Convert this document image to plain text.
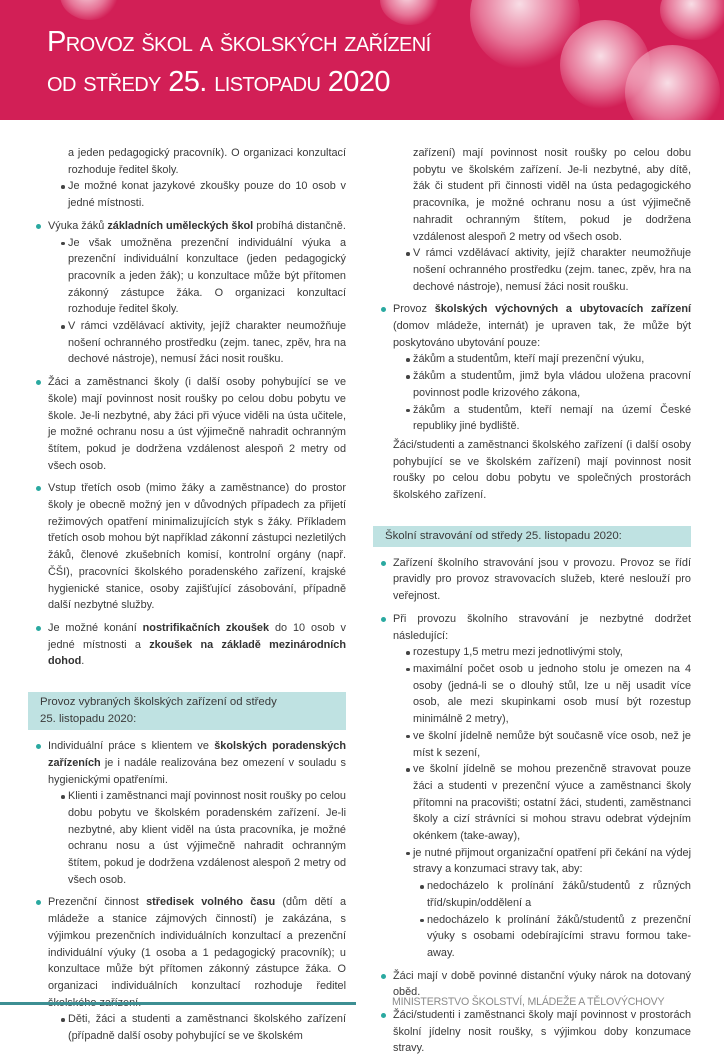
Provoz škol a školských zařízení
od středy 25. listopadu 2020
a jeden pedagogický pracovník). O organizaci konzultací rozhoduje ředitel školy.
Je možné konat jazykové zkoušky pouze do 10 osob v jedné místnosti.
Výuka žáků základních uměleckých škol probíhá distančně.
Je však umožněna prezenční individuální výuka a prezenční individuální konzultace (jeden pedagogický pracovník a jeden žák); u konzultace může být přítomen zákonný zástupce žáka. O organizaci konzultací rozhoduje ředitel školy.
V rámci vzdělávací aktivity, jejíž charakter neumožňuje nošení ochranného prostředku (zejm. tanec, zpěv, hra na dechové nástroje), nemusí žáci nosit roušku.
Žáci a zaměstnanci školy (i další osoby pohybující se ve škole) mají povinnost nosit roušky po celou dobu pobytu ve škole. Je-li nezbytné, aby žáci při výuce viděli na ústa učitele, je možné ochranu nosu a úst výjimečně nahradit ochranným štítem, pokud je dodržena vzdálenost alespoň 2 metry od všech osob.
Vstup třetích osob (mimo žáky a zaměstnance) do prostor školy je obecně možný jen v důvodných případech za přijetí režimových opatření minimalizujících styk s žáky. Příkladem třetích osob mohou být například zákonní zástupci nezletilých žáků, členové zkušebních komisí, kontrolní orgány (např. ČŠI), pracovníci školského poradenského zařízení, krajské hygienické stanice, osoby zajišťující zásobování, případně další nezbytné služby.
Je možné konání nostrifikačních zkoušek do 10 osob v jedné místnosti a zkoušek na základě mezinárodních dohod.
Provoz vybraných školských zařízení od středy
25. listopadu 2020:
Individuální práce s klientem ve školských poradenských zařízeních je i nadále realizována bez omezení v souladu s hygienickými opatřeními.
Klienti i zaměstnanci mají povinnost nosit roušky po celou dobu pobytu ve školském poradenském zařízení. Je-li nezbytné, aby klient viděl na ústa pracovníka, je možné ochranu nosu a úst výjimečně nahradit ochranným štítem, pokud je dodržena vzdálenost alespoň 2 metry od všech osob.
Prezenční činnost středisek volného času (dům dětí a mládeže a stanice zájmových činností) je zakázána, s výjimkou prezenčních individuálních konzultací a prezenční individuální výuky (1 osoba a 1 pedagogický pracovník); u konzultace může být přítomen zákonný zástupce žáka. O organizaci individuálních konzultací rozhoduje ředitel
Děti, žáci a studenti a zaměstnanci školského zařízení (případně další osoby pohybující se ve školském
zařízení) mají povinnost nosit roušky po celou dobu pobytu ve školském zařízení. Je-li nezbytné, aby dítě, žák či student při činnosti viděl na ústa pedagogického pracovníka, je možné ochranu nosu a úst výjimečně nahradit ochranným štítem, pokud je dodržena vzdálenost alespoň 2 metry od všech osob.
V rámci vzdělávací aktivity, jejíž charakter neumožňuje nošení ochranného prostředku (zejm. tanec, zpěv, hra na dechové nástroje), nemusí žáci nosit roušku.
Provoz školských výchovných a ubytovacích zařízení (domov mládeže, internát) je upraven tak, že může být poskytováno ubytování pouze:
žákům a studentům, kteří mají prezenční výuku,
žákům a studentům, jimž byla vládou uložena pracovní povinnost podle krizového zákona,
žákům a studentům, kteří nemají na území České republiky jiné bydliště.
Žáci/studenti a zaměstnanci školského zařízení (i další osoby pohybující se ve školském zařízení) mají povinnost nosit roušky po celou dobu pobytu ve společných prostorách školského zařízení.
Školní stravování od středy 25. listopadu 2020:
Zařízení školního stravování jsou v provozu. Provoz se řídí pravidly pro provoz stravovacích služeb, které neslouží pro veřejnost.
Při provozu školního stravování je nezbytné dodržet následující:
rozestupy 1,5 metru mezi jednotlivými stoly,
maximální počet osob u jednoho stolu je omezen na 4 osoby (jedná-li se o dlouhý stůl, lze u něj usadit více osob, ale mezi skupinkami osob musí být rozestup minimálně 2 metry),
ve školní jídelně nemůže být současně více osob, než je míst k sezení,
ve školní jídelně se mohou prezenčně stravovat pouze žáci a studenti v prezenční výuce a zaměstnanci školy přítomni na pracovišti; ostatní žáci, studenti, zaměstnanci školy a cizí strávníci si mohou stravu odebrat výdejním okénkem (take-away),
je nutné přijmout organizační opatření při čekání na výdej stravy a konzumaci stravy tak, aby:
nedocházelo k prolínání žáků/studentů z různých tříd/skupin/oddělení a
nedocházelo k prolínání žáků/studentů z prezenční výuky s osobami odebírajícími stravu formou take-away.
Žáci mají v době povinné distanční výuky nárok na dotovaný oběd.
Žáci/studenti i zaměstnanci školy mají povinnost v prostorách školní jídelny nosit roušky, s výjimkou doby konzumace stravy.
MINISTERSTVO ŠKOLSTVÍ, MLÁDEŽE A TĚLOVÝCHOVY
